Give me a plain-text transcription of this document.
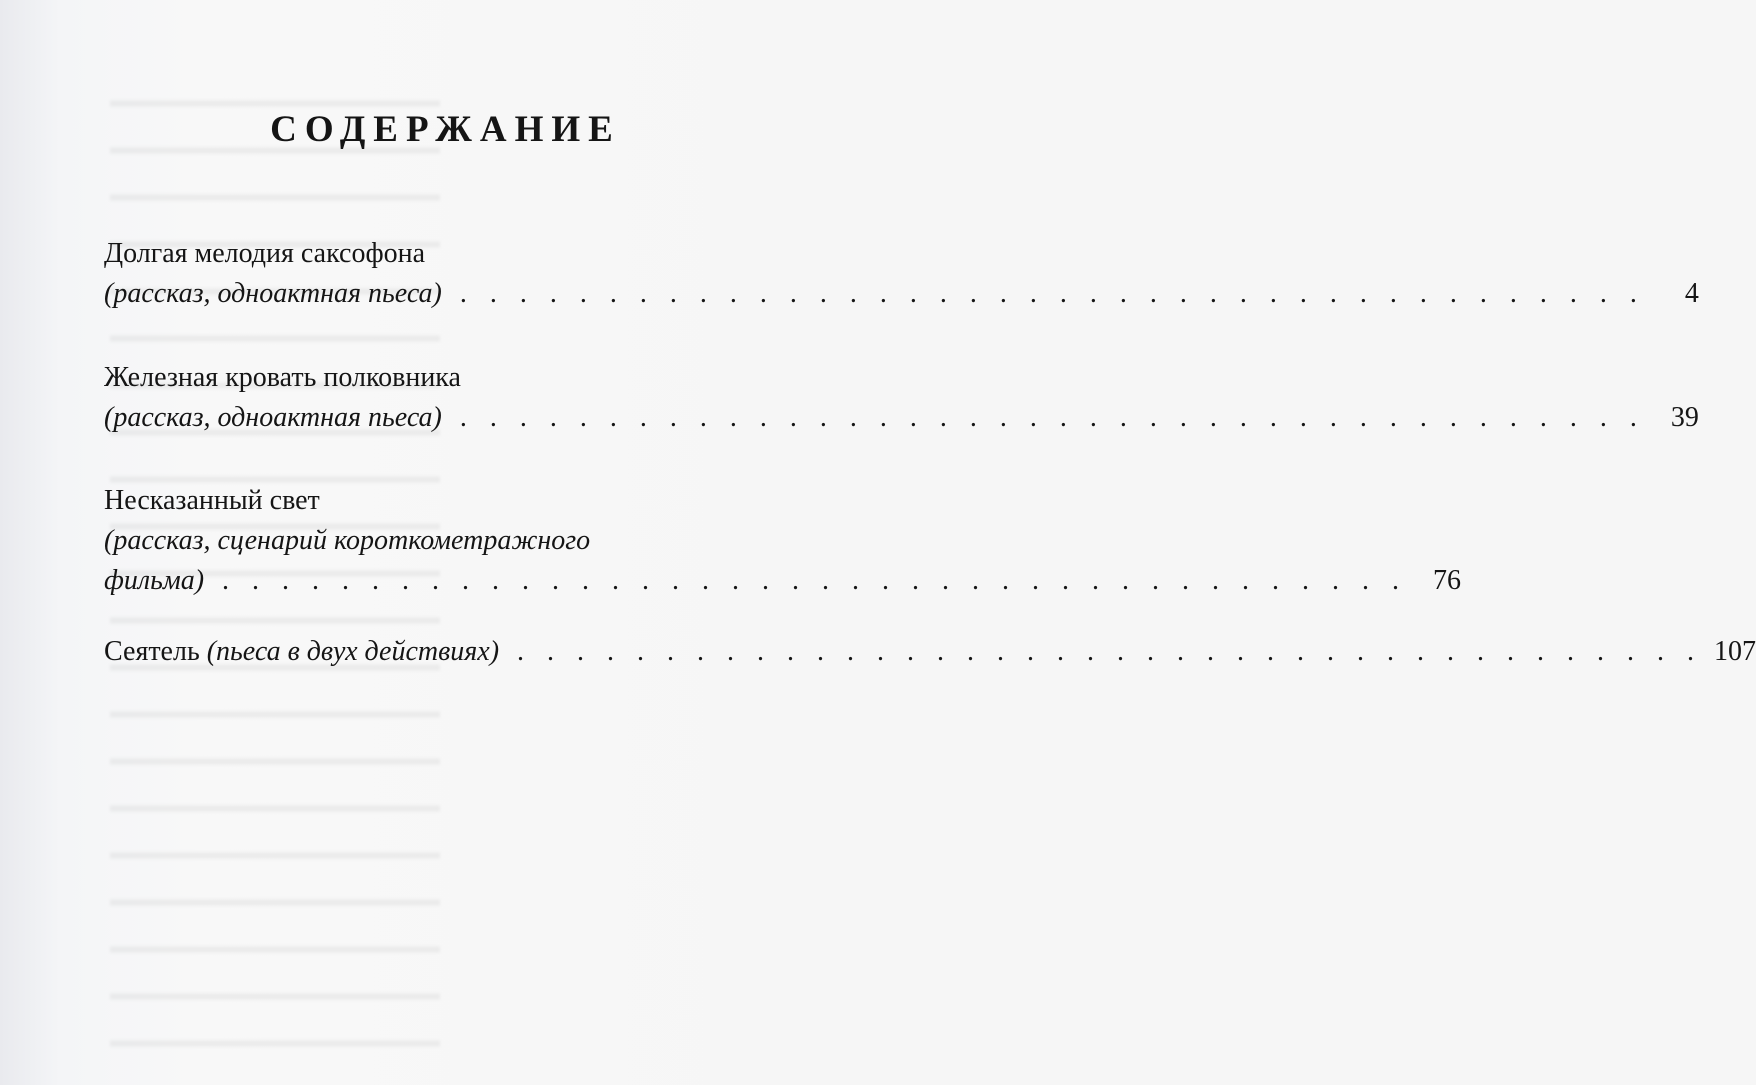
СОДЕРЖАНИЕ
Долгая мелодия саксофона
(рассказ, одноактная пьеса) . . . . . . . . . . . . . . . . . . . . . . . . . . . . . . . . . . . . . . . .	4
Железная кровать полковника
(рассказ, одноактная пьеса) . . . . . . . . . . . . . . . . . . . . . . . . . . . . . . . . . . . . . . . . 39
Несказанный свет
(рассказ, сценарий короткометражного
фильма) . . . . . . . . . . . . . . . . . . . . . . . . . . . . . . . . . . . . . . . . 76
Сеятель
(пьеса в двух действиях) . . . . . . . . . . . . . . . . . . . . . . . . . . . . . . . . . . . . . . . . 107
